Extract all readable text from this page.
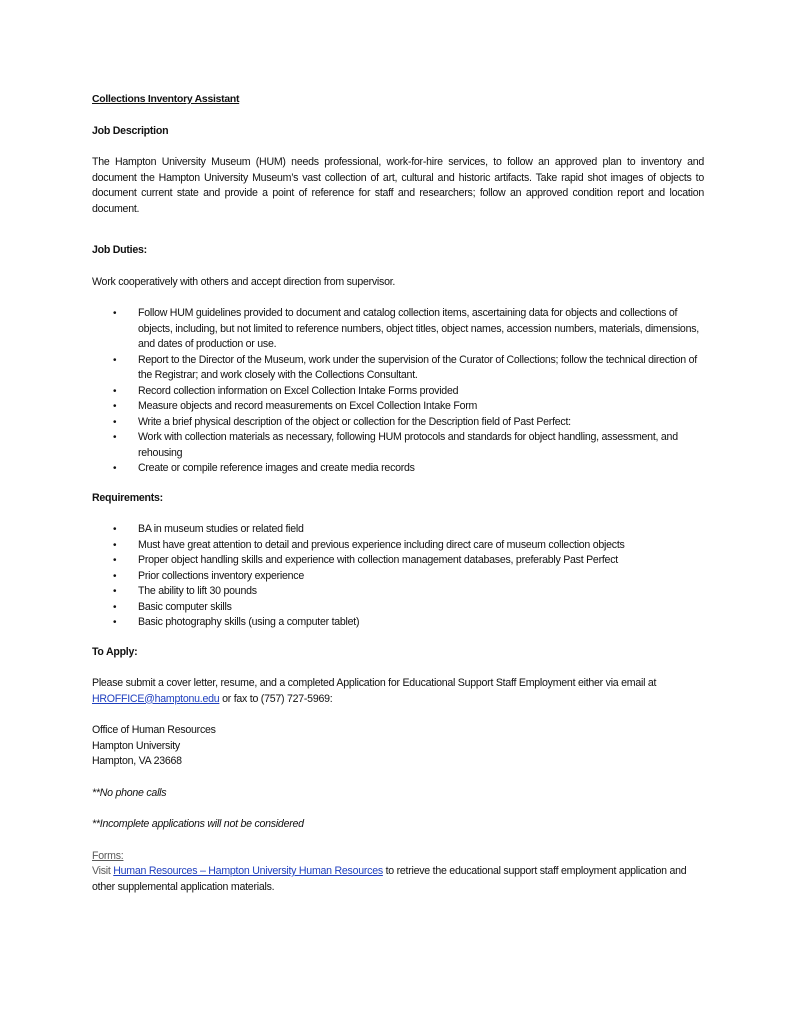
Collections Inventory Assistant
Job Description

The Hampton University Museum (HUM) needs professional, work-for-hire services, to follow an approved plan to inventory and document the Hampton University Museum’s vast collection of art, cultural and historic artifacts. Take rapid shot images of objects to document current state and provide a point of reference for staff and researchers; follow an approved condition report and location document.

Job Duties:

Work cooperatively with others and accept direction from supervisor.

• Follow HUM guidelines provided to document and catalog collection items, ascertaining data for objects and collections of objects, including, but not limited to reference numbers, object titles, object names, accession numbers, materials, dimensions, and dates of production or use.
• Report to the Director of the Museum, work under the supervision of the Curator of Collections; follow the technical direction of the Registrar; and work closely with the Collections Consultant.
• Record collection information on Excel Collection Intake Forms provided
• Measure objects and record measurements on Excel Collection Intake Form
• Write a brief physical description of the object or collection for the Description field of Past Perfect:
• Work with collection materials as necessary, following HUM protocols and standards for object handling, assessment, and rehousing
• Create or compile reference images and create media records
Requirements:
• BA in museum studies or related field
• Must have great attention to detail and previous experience including direct care of museum collection objects
• Proper object handling skills and experience with collection management databases, preferably Past Perfect
• Prior collections inventory experience
• The ability to lift 30 pounds
• Basic computer skills
• Basic photography skills (using a computer tablet)
To Apply:

Please submit a cover letter, resume, and a completed Application for Educational Support Staff Employment either via email at HROFFICE@hamptonu.edu or fax to (757) 727-5969:

Office of Human Resources

Hampton University

Hampton, VA 23668

**No phone calls

**Incomplete applications will not be considered

Forms:

Visit Human Resources – Hampton University Human Resources to retrieve the educational support staff employment application and other supplemental application materials.
